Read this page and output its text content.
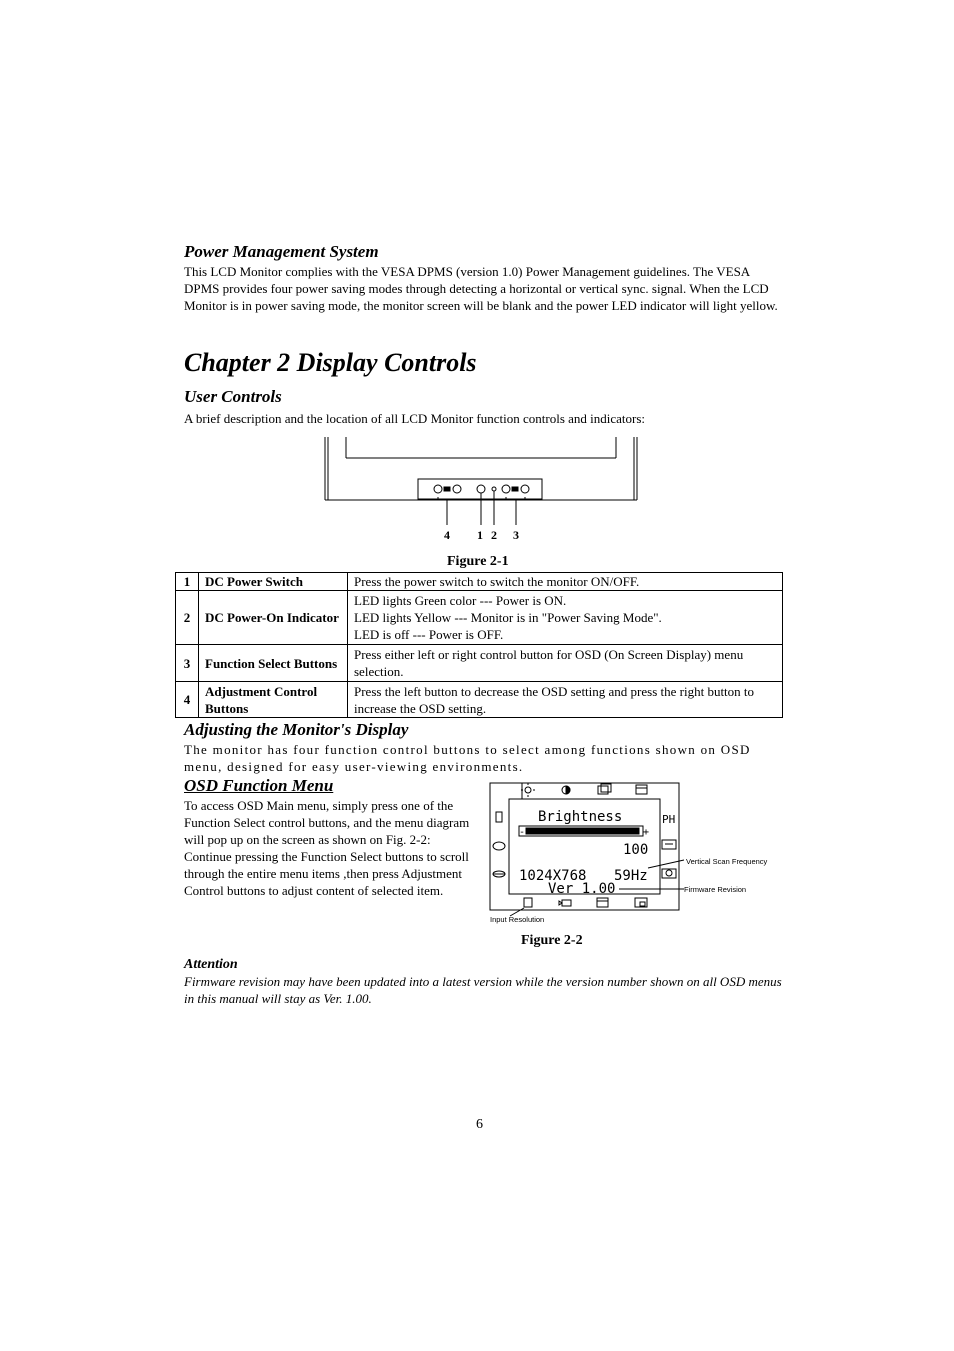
Power Management System
This LCD Monitor complies with the VESA DPMS (version 1.0) Power Management guidelines. The VESA DPMS provides four power saving modes through detecting a horizontal or vertical sync. signal. When the LCD Monitor is in power saving mode, the monitor screen will be blank and the power LED indicator will light yellow.
Chapter 2 Display Controls
User Controls
A brief description and the location of all LCD Monitor function controls and indicators:
4 1 2 3
Figure 2-1
1	DC Power Switch	Press the power switch to switch the monitor ON/OFF.
2	DC Power-On Indicator	LED lights Green color --- Power is ON.
LED lights Yellow --- Monitor is in "Power Saving Mode".
LED is off --- Power is OFF.

3	Function Select Buttons	Press either left or right control button for OSD (On Screen Display) menu selection.
4	Adjustment Control Buttons	Press the left button to decrease the OSD setting and press the right button to increase the OSD setting.
Adjusting the Monitor's Display
The monitor has four function control buttons to select among functions shown on OSD menu, designed for easy user-viewing environments.
OSD Function Menu
To access OSD Main menu, simply press one of the Function Select control buttons, and the menu diagram will pop up on the screen as shown on Fig. 2-2:
Continue pressing the Function Select buttons to scroll through the entire menu items ,then press Adjustment Control buttons to adjust content of selected item.
Brightness	PH
-	+
100
1024X768 59Hz
Ver 1.00
Vertical Scan Frequency
Firmware Revision
Input Resolution
Figure 2-2
Attention
Firmware revision may have been updated into a latest version while the version number shown on all OSD menus in this manual will stay as Ver. 1.00.
6
